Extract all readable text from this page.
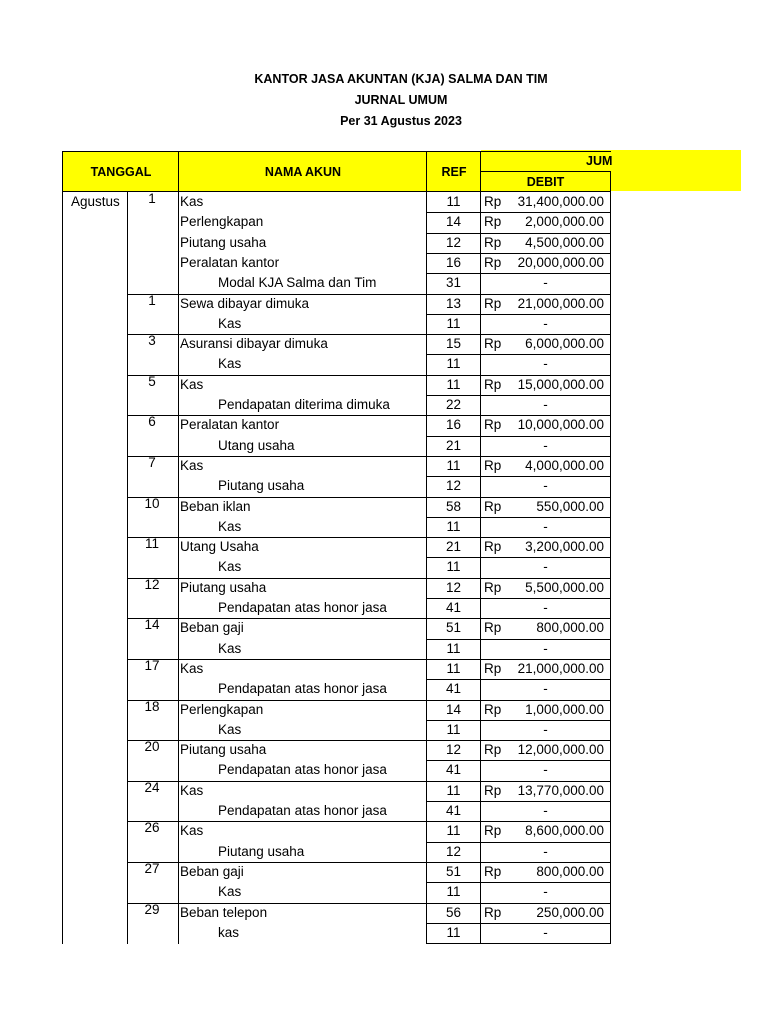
KANTOR JASA AKUNTAN (KJA) SALMA DAN TIM
JURNAL UMUM
Per 31 Agustus 2023
TANGGAL	NAMA AKUN	REF
JUM
DEBIT
Agustus	1	Kas	11	Rp	31,400,000.00
Perlengkapan	14	Rp	2,000,000.00
Piutang usaha	12	Rp	4,500,000.00
Peralatan kantor	16	Rp	20,000,000.00
Modal KJA Salma dan Tim	31	-
1	Sewa dibayar dimuka	13	Rp	21,000,000.00
Kas	11	-
3	Asuransi dibayar dimuka	15	Rp	6,000,000.00
Kas	11	-
5	Kas	11	Rp	15,000,000.00
Pendapatan diterima dimuka	22	-
6	Peralatan kantor	16	Rp	10,000,000.00
Utang usaha	21	-
7	Kas	11	Rp	4,000,000.00
Piutang usaha	12	-
10	Beban iklan	58	Rp	550,000.00
Kas	11	-
11	Utang Usaha	21	Rp	3,200,000.00
Kas	11	-
12	Piutang usaha	12	Rp	5,500,000.00
Pendapatan atas honor jasa	41	-
14	Beban gaji	51	Rp	800,000.00
Kas	11	-
17	Kas	11	Rp	21,000,000.00
Pendapatan atas honor jasa	41	-
18	Perlengkapan	14	Rp	1,000,000.00
Kas	11	-
20	Piutang usaha	12	Rp	12,000,000.00
Pendapatan atas honor jasa	41	-
24	Kas	11	Rp	13,770,000.00
Pendapatan atas honor jasa	41	-
26	Kas	11	Rp	8,600,000.00
Piutang usaha	12	-
27	Beban gaji	51	Rp	800,000.00
Kas	11	-
29	Beban telepon	56	Rp	250,000.00
kas	11	-
